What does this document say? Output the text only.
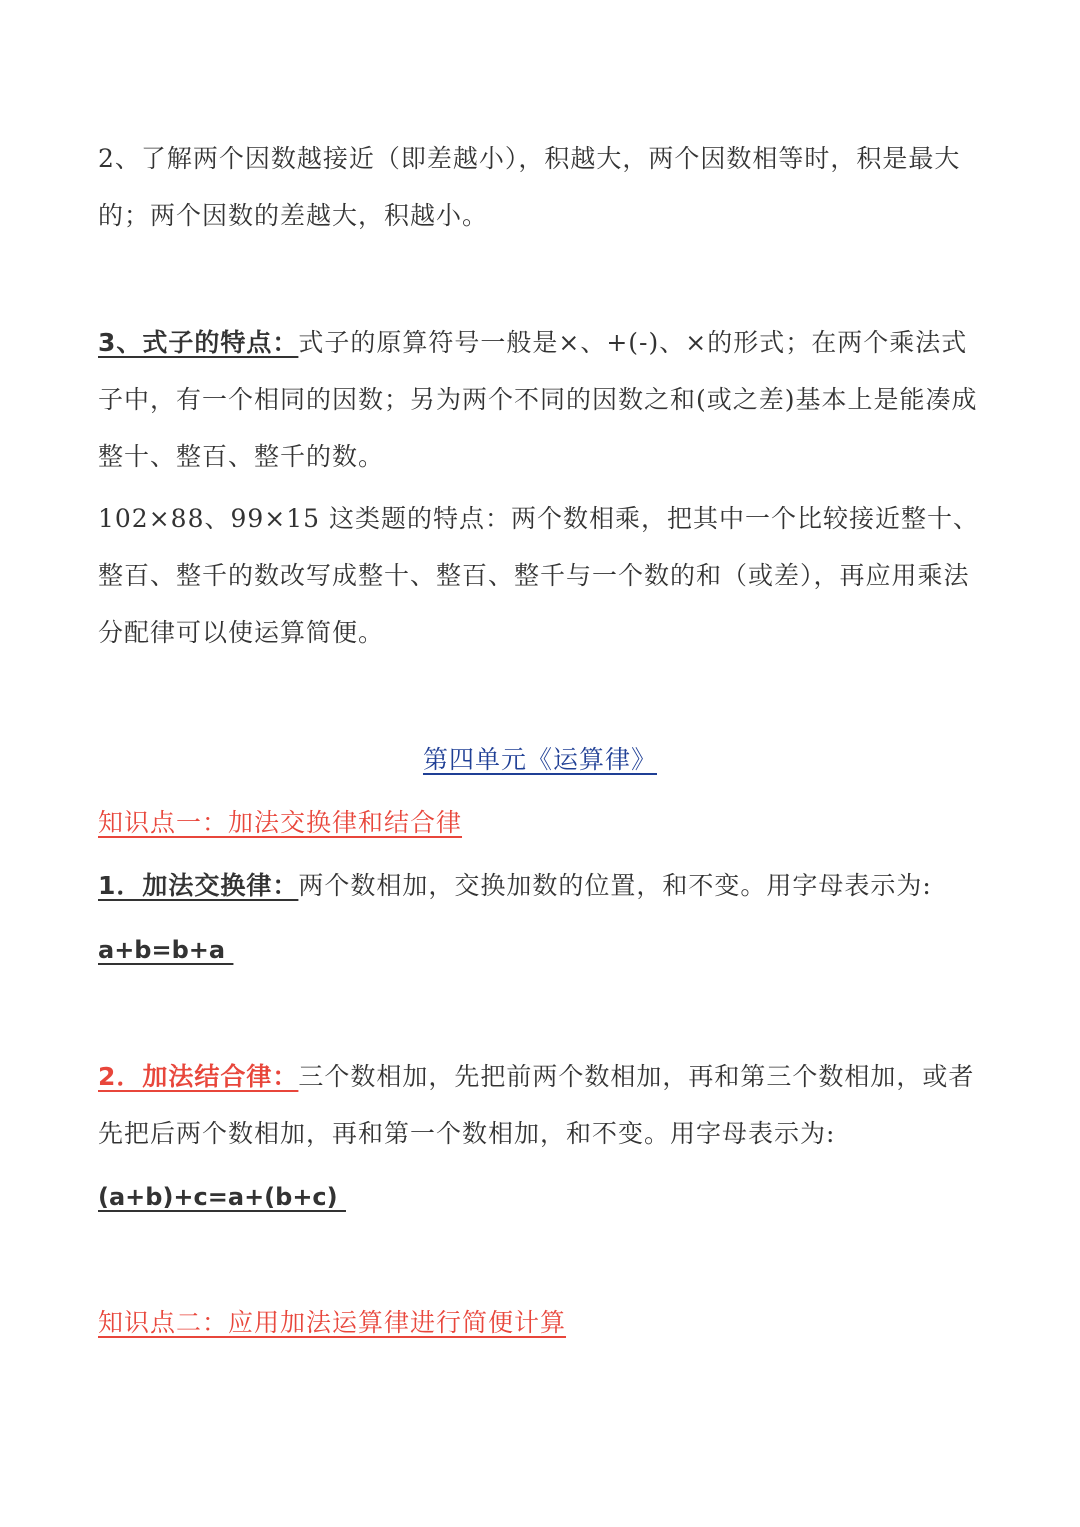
2、了解两个因数越接近（即差越小），积越大，两个因数相等时，积是最大的；两个因数的差越大，积越小。

3、式子的特点：式子的原算符号一般是×、+(-)、×的形式；在两个乘法式子中，有一个相同的因数；另为两个不同的因数之和(或之差)基本上是能凑成整十、整百、整千的数。

102×88、99×15 这类题的特点：两个数相乘，把其中一个比较接近整十、整百、整千的数改写成整十、整百、整千与一个数的和（或差），再应用乘法分配律可以使运算简便。

第四单元《运算律》

知识点一：加法交换律和结合律

1．加法交换律：两个数相加，交换加数的位置，和不变。用字母表示为:

a+b=b+a

2．加法结合律：三个数相加，先把前两个数相加，再和第三个数相加，或者先把后两个数相加，再和第一个数相加，和不变。用字母表示为:

(a+b)+c=a+(b+c)

知识点二：应用加法运算律进行简便计算
